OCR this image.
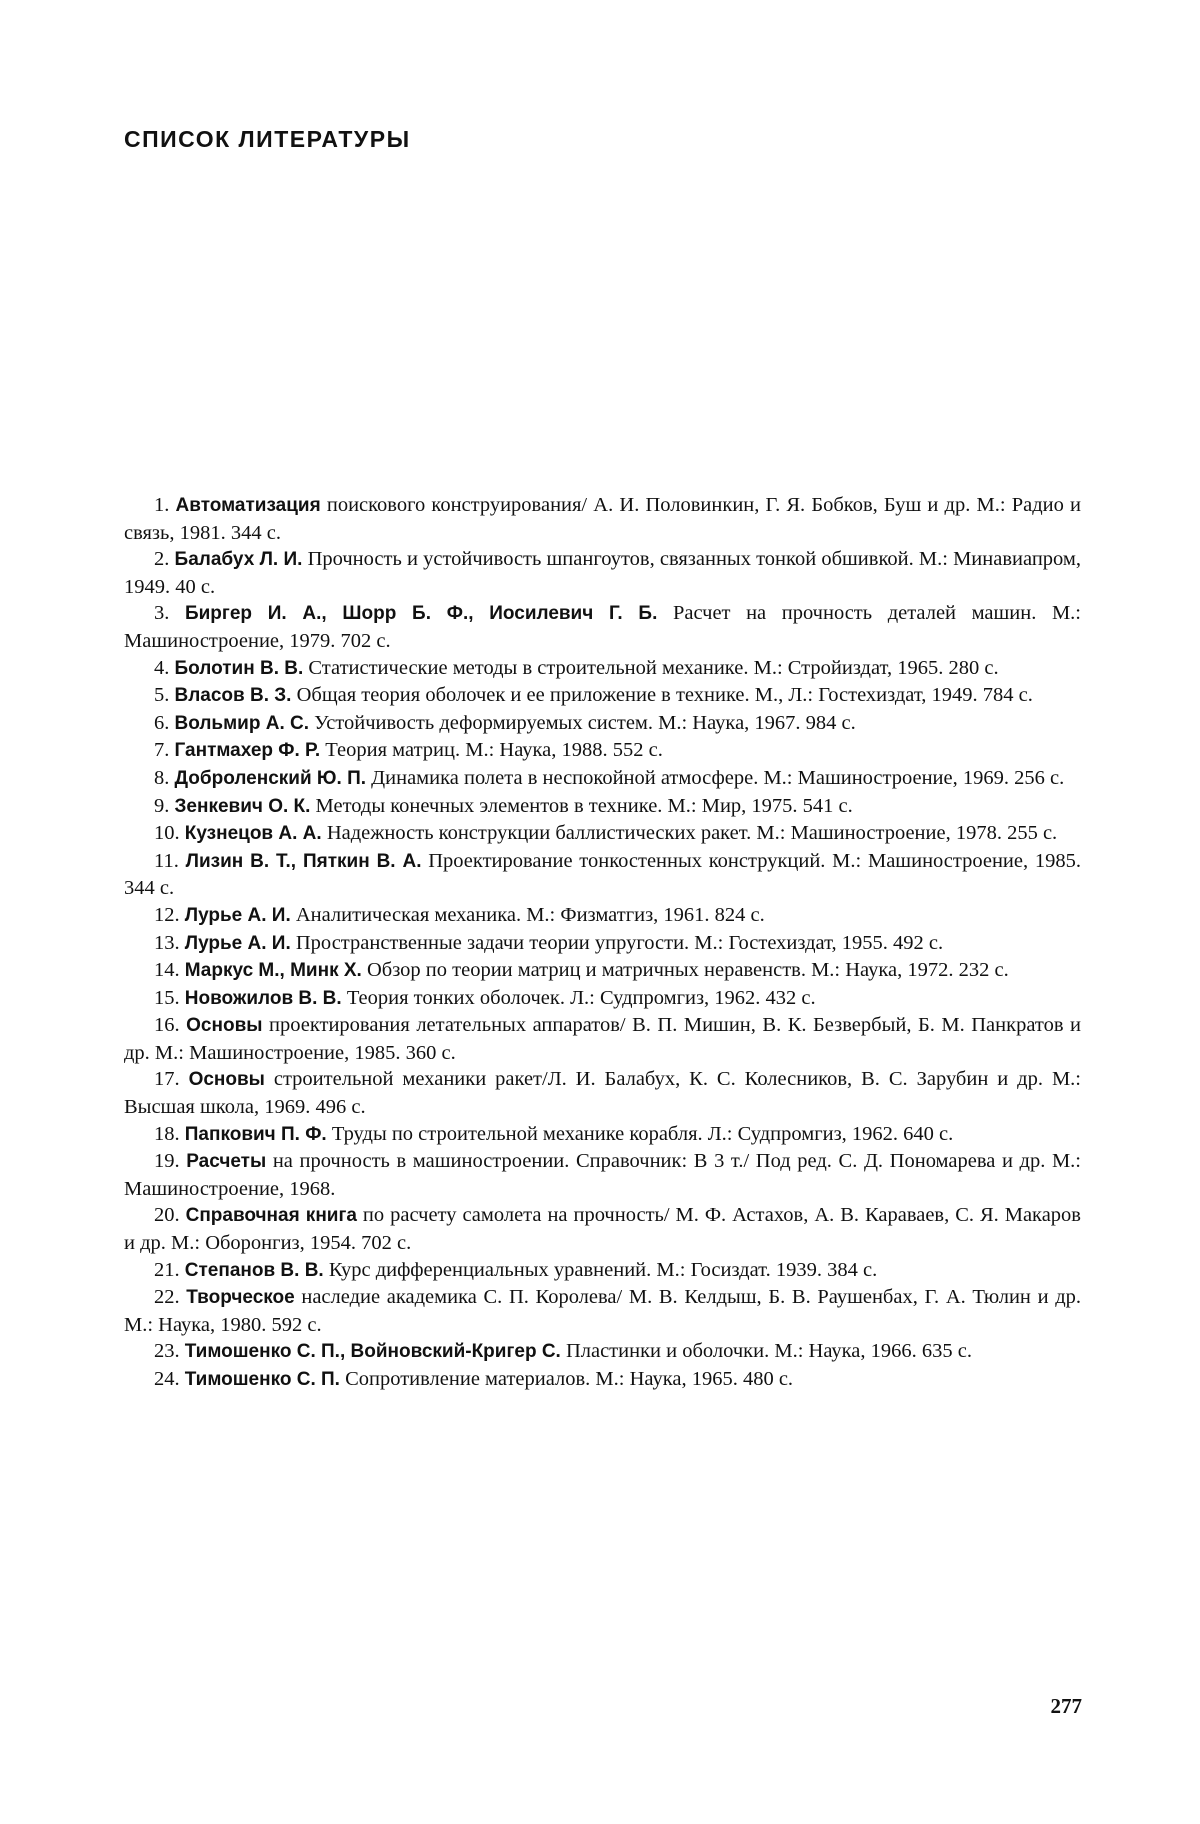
СПИСОК ЛИТЕРАТУРЫ
1. Автоматизация поискового конструирования/ А. И. Половинкин, Г. Я. Бобков, Буш и др. М.: Радио и связь, 1981. 344 с.
2. Балабух Л. И. Прочность и устойчивость шпангоутов, связанных тонкой обшивкой. М.: Минавиапром, 1949. 40 с.
3. Биргер И. А., Шорр Б. Ф., Иосилевич Г. Б. Расчет на прочность деталей машин. М.: Машиностроение, 1979. 702 с.
4. Болотин В. В. Статистические методы в строительной механике. М.: Стройиздат, 1965. 280 с.
5. Власов В. З. Общая теория оболочек и ее приложение в технике. М., Л.: Гостехиздат, 1949. 784 с.
6. Вольмир А. С. Устойчивость деформируемых систем. М.: Наука, 1967. 984 с.
7. Гантмахер Ф. Р. Теория матриц. М.: Наука, 1988. 552 с.
8. Доброленский Ю. П. Динамика полета в неспокойной атмосфере. М.: Машиностроение, 1969. 256 с.
9. Зенкевич О. К. Методы конечных элементов в технике. М.: Мир, 1975. 541 с.
10. Кузнецов А. А. Надежность конструкции баллистических ракет. М.: Машиностроение, 1978. 255 с.
11. Лизин В. Т., Пяткин В. А. Проектирование тонкостенных конструкций. М.: Машиностроение, 1985. 344 с.
12. Лурье А. И. Аналитическая механика. М.: Физматгиз, 1961. 824 с.
13. Лурье А. И. Пространственные задачи теории упругости. М.: Гостехиздат, 1955. 492 с.
14. Маркус М., Минк Х. Обзор по теории матриц и матричных неравенств. М.: Наука, 1972. 232 с.
15. Новожилов В. В. Теория тонких оболочек. Л.: Судпромгиз, 1962. 432 с.
16. Основы проектирования летательных аппаратов/ В. П. Мишин, В. К. Безвербый, Б. М. Панкратов и др. М.: Машиностроение, 1985. 360 с.
17. Основы строительной механики ракет/Л. И. Балабух, К. С. Колесников, В. С. Зарубин и др. М.: Высшая школа, 1969. 496 с.
18. Папкович П. Ф. Труды по строительной механике корабля. Л.: Судпромгиз, 1962. 640 с.
19. Расчеты на прочность в машиностроении. Справочник: В 3 т./ Под ред. С. Д. Пономарева и др. М.: Машиностроение, 1968.
20. Справочная книга по расчету самолета на прочность/ М. Ф. Астахов, А. В. Караваев, С. Я. Макаров и др. М.: Оборонгиз, 1954. 702 с.
21. Степанов В. В. Курс дифференциальных уравнений. М.: Госиздат. 1939. 384 с.
22. Творческое наследие академика С. П. Королева/ М. В. Келдыш, Б. В. Раушенбах, Г. А. Тюлин и др. М.: Наука, 1980. 592 с.
23. Тимошенко С. П., Войновский-Кригер С. Пластинки и оболочки. М.: Наука, 1966. 635 с.
24. Тимошенко С. П. Сопротивление материалов. М.: Наука, 1965. 480 с.
277
